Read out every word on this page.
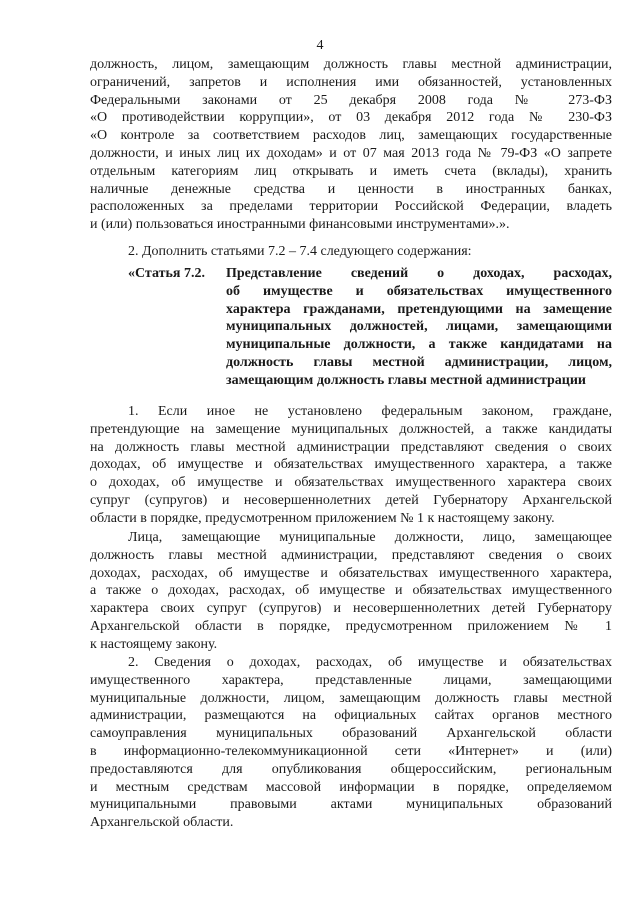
4
должность, лицом, замещающим должность главы местной администрации,
ограничений, запретов и исполнения ими обязанностей, установленных
Федеральными законами от 25 декабря 2008 года № 273-ФЗ
«О противодействии коррупции», от 03 декабря 2012 года № 230-ФЗ
«О контроле за соответствием расходов лиц, замещающих государственные
должности, и иных лиц их доходам» и от 07 мая 2013 года № 79-ФЗ «О запрете
отдельным категориям лиц открывать и иметь счета (вклады), хранить
наличные денежные средства и ценности в иностранных банках,
расположенных за пределами территории Российской Федерации, владеть
и (или) пользоваться иностранными финансовыми инструментами».».

2. Дополнить статьями 7.2 – 7.4 следующего содержания:

«Статья 7.2.	Представление сведений о доходах, расходах,
об имуществе и обязательствах имущественного
характера гражданами, претендующими на замещение
муниципальных должностей, лицами, замещающими
муниципальные должности, а также кандидатами на
должность главы местной администрации, лицом,
замещающим должность главы местной администрации
1. Если иное не установлено федеральным законом, граждане,
претендующие на замещение муниципальных должностей, а также кандидаты
на должность главы местной администрации представляют сведения о своих
доходах, об имуществе и обязательствах имущественного характера, а также
о доходах, об имуществе и обязательствах имущественного характера своих
супруг (супругов) и несовершеннолетних детей Губернатору Архангельской
области в порядке, предусмотренном приложением № 1 к настоящему закону.
Лица, замещающие муниципальные должности, лицо, замещающее
должность главы местной администрации, представляют сведения о своих
доходах, расходах, об имуществе и обязательствах имущественного характера,
а также о доходах, расходах, об имуществе и обязательствах имущественного
характера своих супруг (супругов) и несовершеннолетних детей Губернатору
Архангельской области в порядке, предусмотренном приложением № 1
к настоящему закону.
2. Сведения о доходах, расходах, об имуществе и обязательствах
имущественного характера, представленные лицами, замещающими
муниципальные должности, лицом, замещающим должность главы местной
администрации, размещаются на официальных сайтах органов местного
самоуправления муниципальных образований Архангельской области
в информационно-телекоммуникационной сети «Интернет» и (или)
предоставляются для опубликования общероссийским, региональным
и местным средствам массовой информации в порядке, определяемом
муниципальными правовыми актами муниципальных образований
Архангельской области.
